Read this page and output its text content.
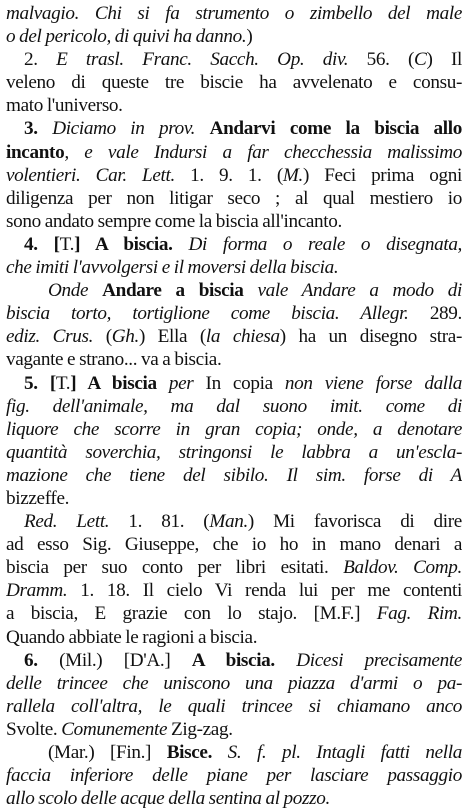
malvagio. Chi si fa strumento o zimbello del male
o del pericolo, di quivi ha danno.)
2. E trasl. Franc. Sacch. Op. div. 56. (C) Il
veleno di queste tre biscie ha avvelenato e consu-
mato l'universo.
3. Diciamo in prov. Andarvi come la biscia allo
incanto, e vale Indursi a far checchessia malissimo
volentieri. Car. Lett. 1. 9. 1. (M.) Feci prima ogni
diligenza per non litigar seco ; al qual mestiero io
sono andato sempre come la biscia all'incanto.
4. [T.] A biscia. Di forma o reale o disegnata,
che imiti l'avvolgersi e il moversi della biscia.
Onde Andare a biscia vale Andare a modo di
biscia torto, tortiglione come biscia. Allegr. 289.
ediz. Crus. (Gh.) Ella (la chiesa) ha un disegno stra-
vagante e strano... va a biscia.
5. [T.] A biscia per In copia non viene forse dalla
fig. dell'animale, ma dal suono imit. come di
liquore che scorre in gran copia; onde, a denotare
quantità soverchia, stringonsi le labbra a un'escla-
mazione che tiene del sibilo. Il sim. forse di A
bizzeffe.
Red. Lett. 1. 81. (Man.) Mi favorisca di dire
ad esso Sig. Giuseppe, che io ho in mano denari a
biscia per suo conto per libri esitati. Baldov. Comp.
Dramm. 1. 18. Il cielo Vi renda lui per me contenti
a biscia, E grazie con lo stajo. [M.F.] Fag. Rim.
Quando abbiate le ragioni a biscia.
6. (Mil.) [D'A.] A biscia. Dicesi precisamente
delle trincee che uniscono una piazza d'armi o pa-
rallela coll'altra, le quali trincee si chiamano anco
Svolte. Comunemente Zig-zag.
(Mar.) [Fin.] Bisce. S. f. pl. Intagli fatti nella
faccia inferiore delle piane per lasciare passaggio
allo scolo delle acque della sentina al pozzo.
